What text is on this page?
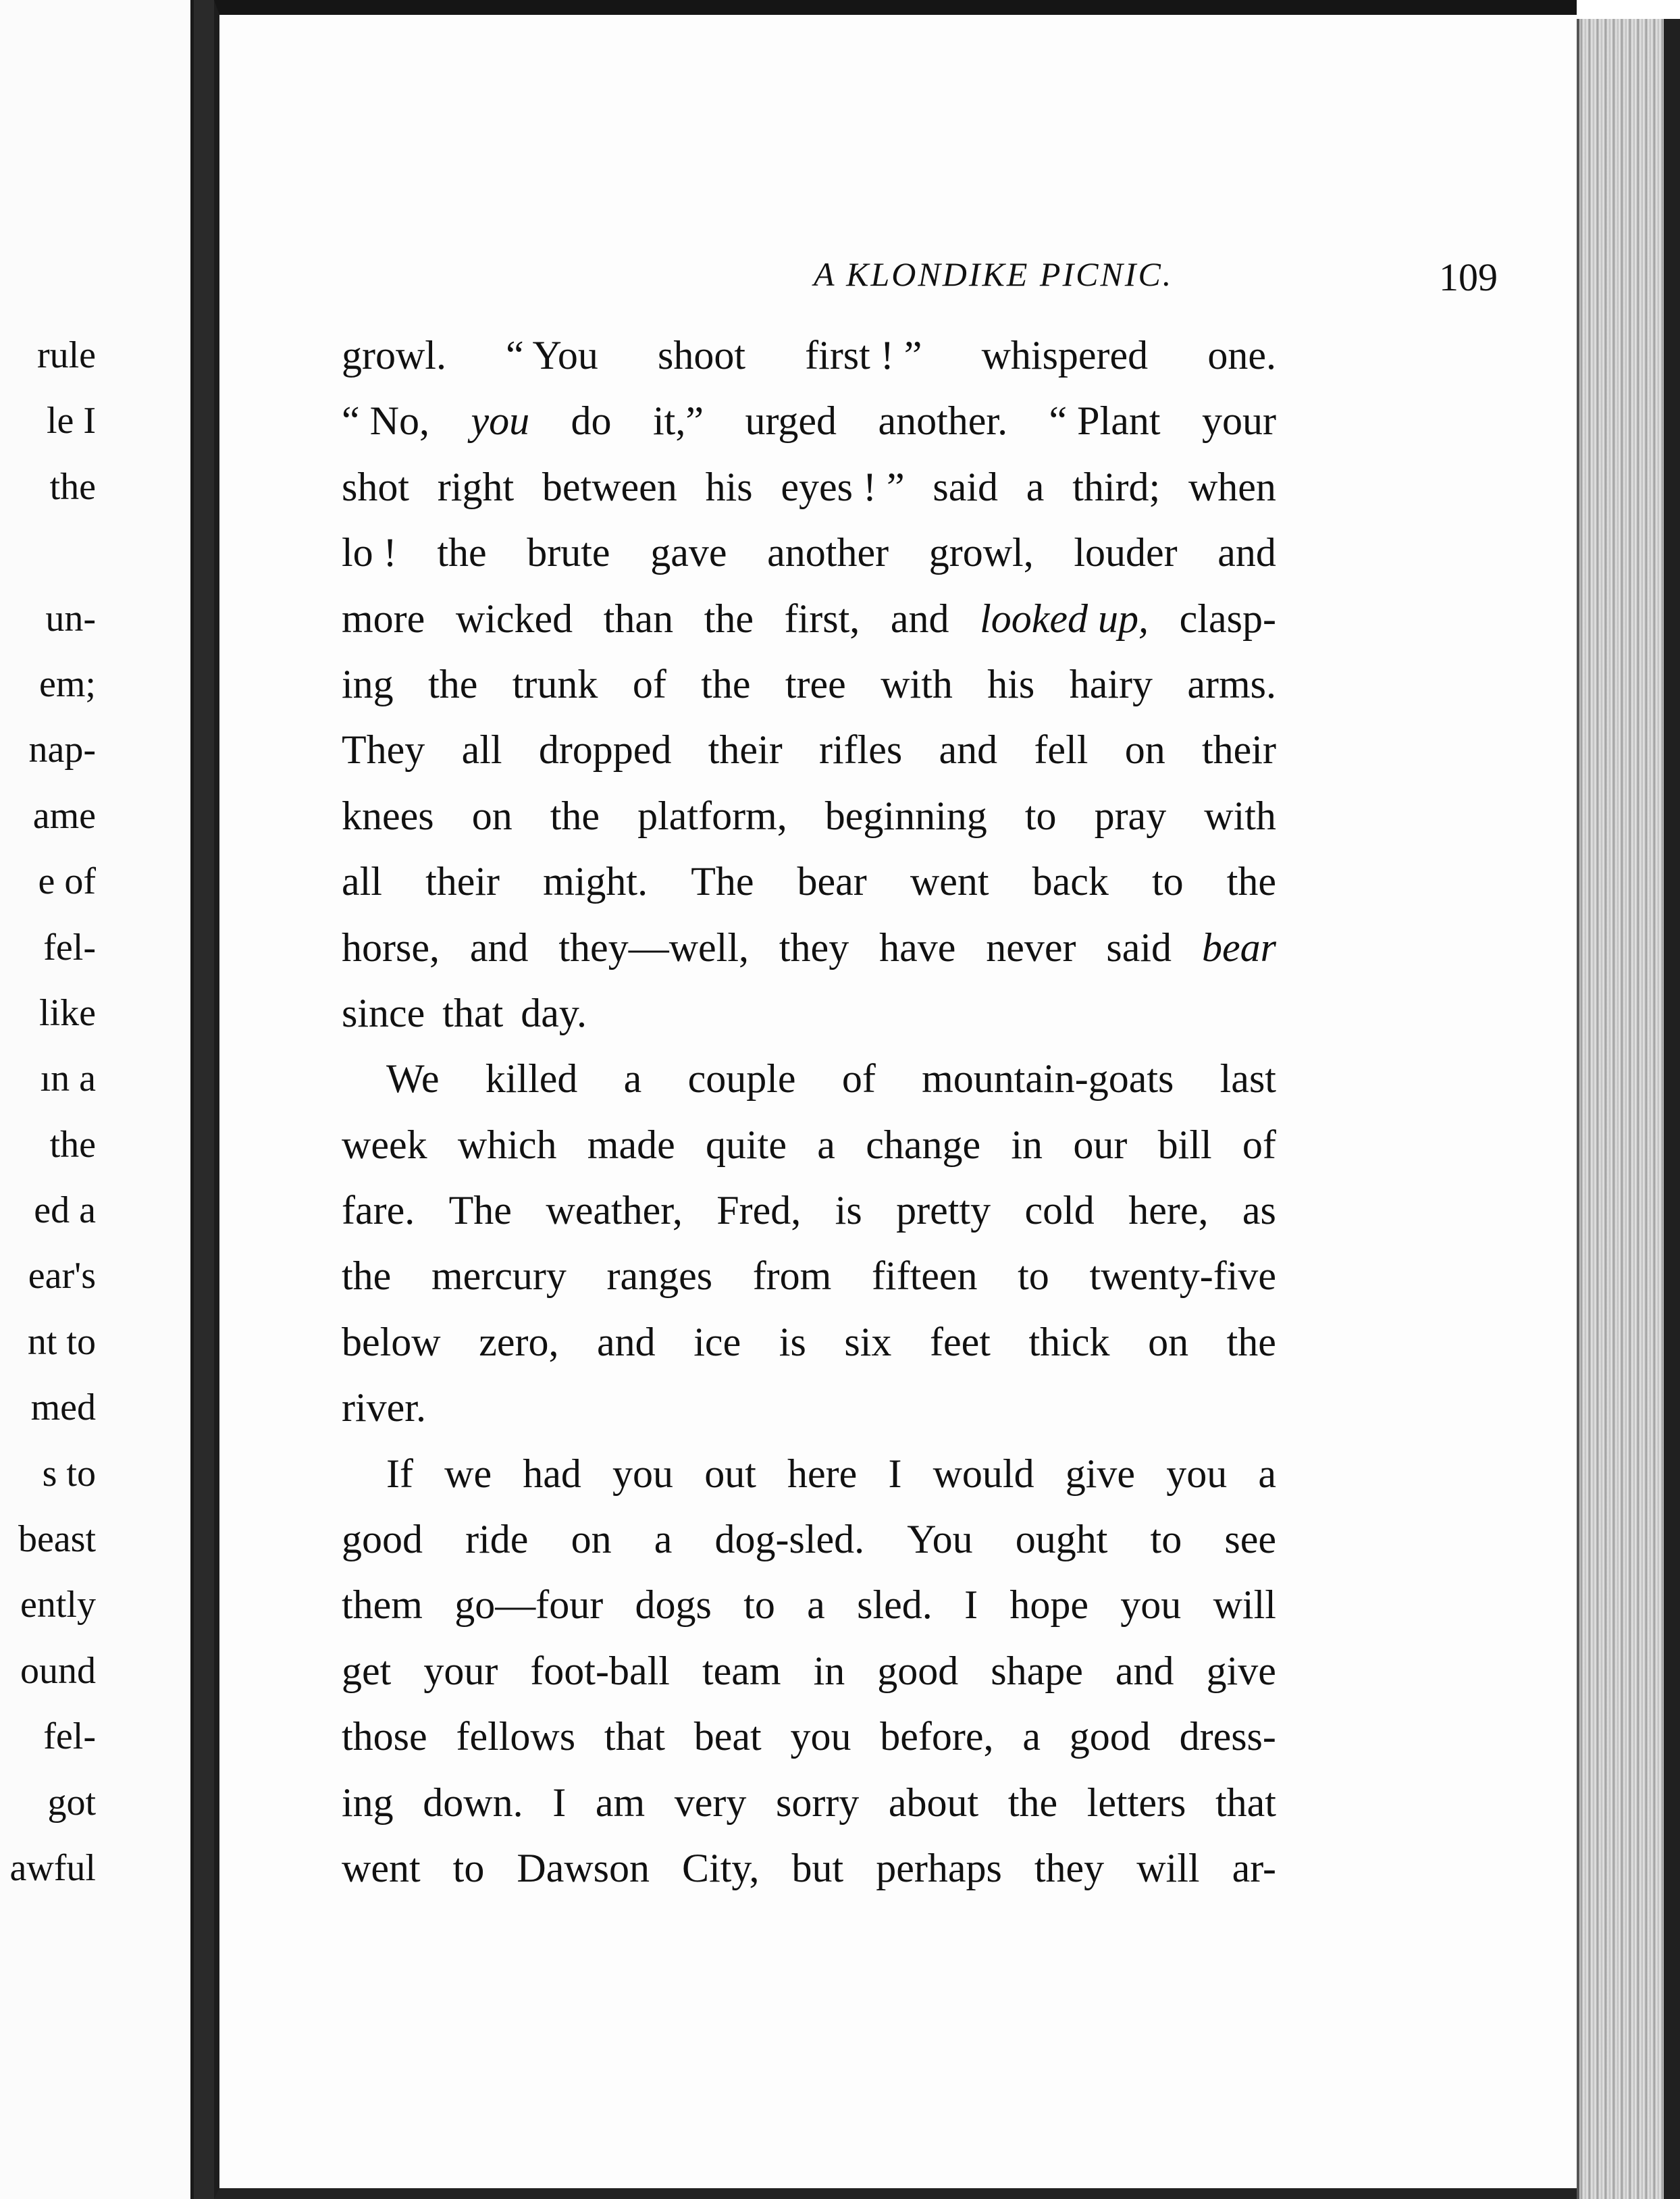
rule
le I
the
un-
em;
nap-
ame
e of
fel-
like
ın a
the
ed a
ear's
nt to
med
s to
beast
ently
ound
fel-
got
awful
A KLONDIKE PICNIC.	109
growl. “ You shoot first ! ” whispered one.
“ No, you do it,” urged another. “ Plant your
shot right between his eyes ! ” said a third; when
lo ! the brute gave another growl, louder and
more wicked than the first, and looked up, clasp-
ing the trunk of the tree with his hairy arms.
They all dropped their rifles and fell on their
knees on the platform, beginning to pray with
all their might. The bear went back to the
horse, and they—well, they have never said bear
since that day.
We killed a couple of mountain-goats last
week which made quite a change in our bill of
fare. The weather, Fred, is pretty cold here, as
the mercury ranges from fifteen to twenty-five
below zero, and ice is six feet thick on the
river.
If we had you out here I would give you a
good ride on a dog-sled. You ought to see
them go—four dogs to a sled. I hope you will
get your foot-ball team in good shape and give
those fellows that beat you before, a good dress-
ing down. I am very sorry about the letters that
went to Dawson City, but perhaps they will ar-
